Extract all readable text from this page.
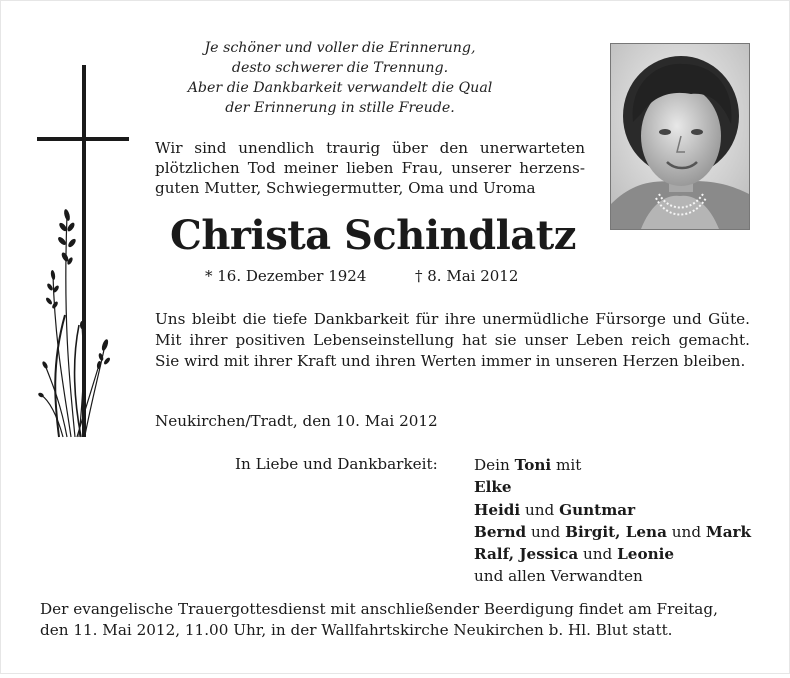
Je schöner und voller die Erinnerung,
desto schwerer die Trennung.
Aber die Dankbarkeit verwandelt die Qual
der Erinnerung in stille Freude.
Wir sind unendlich traurig über den unerwarteten
plötzlichen Tod meiner lieben Frau, unserer herzens-
guten Mutter, Schwiegermutter, Oma und Uroma
Christa Schindlatz
* 16. Dezember 1924	† 8. Mai 2012
Uns bleibt die tiefe Dankbarkeit für ihre unermüdliche Fürsorge und Güte. Mit ihrer positiven Lebenseinstellung hat sie unser Leben reich gemacht. Sie wird mit ihrer Kraft und ihren Werten immer in unseren Herzen bleiben.
Neukirchen/Tradt, den 10. Mai 2012
In Liebe und Dankbarkeit: Dein Toni mit
Elke
Heidi und Guntmar
Bernd und Birgit, Lena und Mark
Ralf, Jessica und Leonie
und allen Verwandten
Der evangelische Trauergottesdienst mit anschließender Beerdigung findet am Freitag,
den 11. Mai 2012, 11.00 Uhr, in der Wallfahrtskirche Neukirchen b. Hl. Blut statt.
